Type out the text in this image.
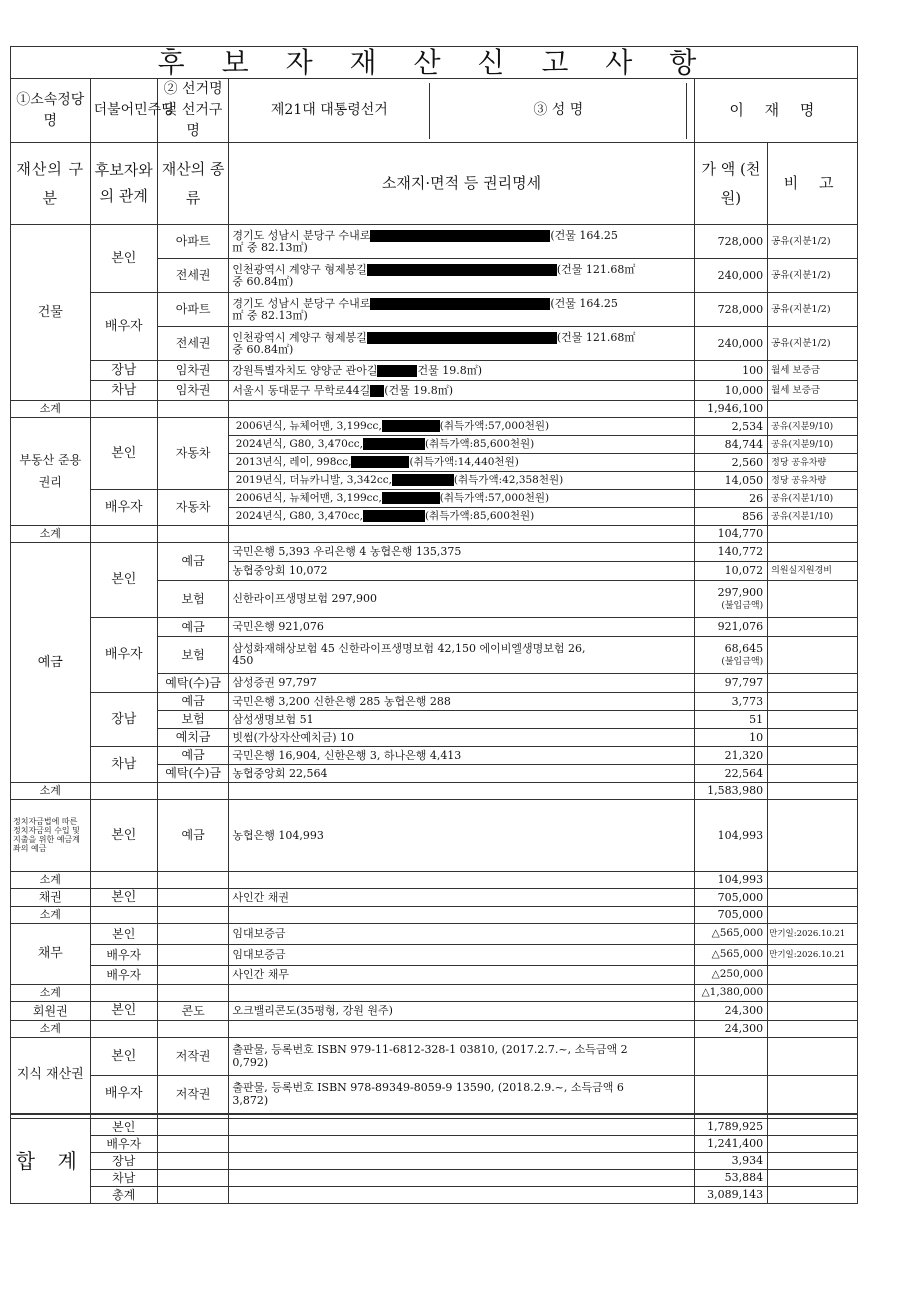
후 보 자 재 산 신 고 사 항					
①소속정당명	더불어민주당	② 선거명 및 선거구명	제21대 대통령선거 ③ 성 명	이 재 명	

재산의 구 분	후보자와의 관계	재산의 종 류	소재지·면적 등 권리명세	가 액 (천원)	비 고
건물	본인	아파트	경기도 성남시 분당구 수내로 (건물 164.25
㎡ 중 82.13㎡)	728,000	공유(지분1/2)
		전세권	인천광역시 계양구 형제봉길 (건물 121.68㎡
중 60.84㎡)	240,000	공유(지분1/2)
	배우자	아파트	경기도 성남시 분당구 수내로 (건물 164.25
㎡ 중 82.13㎡)	728,000	공유(지분1/2)
		전세권	인천광역시 계양구 형제봉길 (건물 121.68㎡
중 60.84㎡)	240,000	공유(지분1/2)
	장남	임차권	강원특별자치도 양양군 관아길 건물 19.8㎡)	100	월세 보증금
	차남	임차권	서울시 동대문구 무학로44길 (건물 19.8㎡)	10,000	월세 보증금
소계				1,946,100	
부동산 준용권리	본인	자동차	2006년식, 뉴체어맨, 3,199cc, (취득가액:57,000천원)	2,534	공유(지분9/10)
			2024년식, G80, 3,470cc, (취득가액:85,600천원)	84,744	공유(지분9/10)
			2013년식, 레이, 998cc, (취득가액:14,440천원)	2,560	정당 공유차량
			2019년식, 더뉴카니발, 3,342cc, (취득가액:42,358천원)	14,050	정당 공유차량
	배우자	자동차	2006년식, 뉴체어맨, 3,199cc, (취득가액:57,000천원)	26	공유(지분1/10)
			2024년식, G80, 3,470cc, (취득가액:85,600천원)	856	공유(지분1/10)
소계				104,770	
예금	본인	예금	국민은행 5,393 우리은행 4 농협은행 135,375	140,772	
			농협중앙회 10,072	10,072	의원실지원경비
		보험	신한라이프생명보험 297,900	297,900
(불입금액)	
	배우자	예금	국민은행 921,076	921,076	
		보험	삼성화재해상보험 45 신한라이프생명보험 42,150 에이비엘생명보험 26,
450	68,645
(불입금액)	
		예탁(수)금	삼성증권 97,797	97,797	
	장남	예금	국민은행 3,200 신한은행 285 농협은행 288	3,773	
		보험	삼성생명보험 51	51	
		예치금	빗썸(가상자산예치금) 10	10	
	차남	예금	국민은행 16,904, 신한은행 3, 하나은행 4,413	21,320	
		예탁(수)금	농협중앙회 22,564	22,564	
소계				1,583,980	
정치자금법에 따른 정치자금의 수입 및 지출을 위한 예금계좌의 예금	본인	예금	농협은행 104,993	104,993	
소계				104,993	
채권	본인		사인간 채권	705,000	
소계				705,000	
채무	본인		임대보증금	△565,000	만기일:2026.10.21
	배우자		임대보증금	△565,000	만기일:2026.10.21
	배우자		사인간 채무	△250,000	
소계				△1,380,000	
회원권	본인	콘도	오크밸리콘도(35평형, 강원 원주)	24,300	
소계				24,300	
지식 재산권	본인	저작권	출판물, 등록번호 ISBN 979-11-6812-328-1 03810, (2017.2.7.~, 소득금액 2
0,792)		
	배우자	저작권	출판물, 등록번호 ISBN 978-89349-8059-9 13590, (2018.2.9.~, 소득금액 6
3,872)		

합 계	본인			1,789,925	
	배우자			1,241,400	
	장남			3,934	
	차남			53,884	
	총계			3,089,143	
